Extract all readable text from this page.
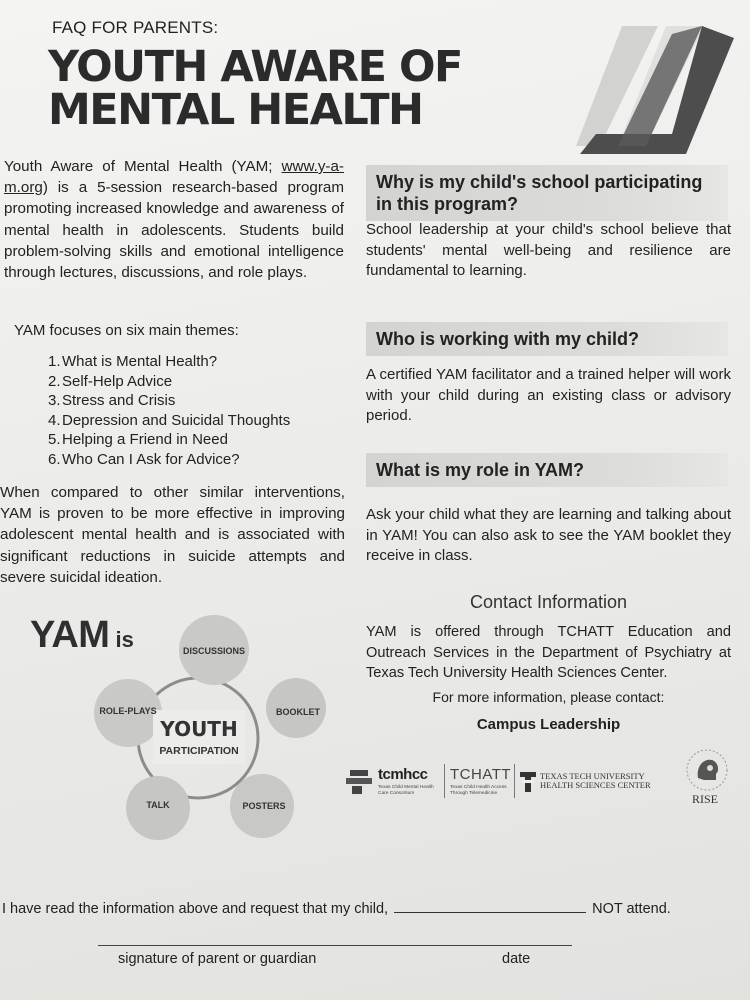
FAQ FOR PARENTS:
YOUTH AWARE OF
MENTAL HEALTH

Youth Aware of Mental Health (YAM; www.y-a-m.org) is a 5-session research-based program promoting increased knowledge and awareness of mental health in adolescents. Students build problem-solving skills and emotional intelligence through lectures, discussions, and role plays.

YAM focuses on six main themes:

1.What is Mental Health?
2.Self-Help Advice
3.Stress and Crisis
4.Depression and Suicidal Thoughts
5.Helping a Friend in Need
6.Who Can I Ask for Advice?

When compared to other similar interventions, YAM is proven to be more effective in improving adolescent mental health and is associated with significant reductions in suicide attempts and severe suicidal ideation.

YAM is
YOUTH
PARTICIPATION
DISCUSSIONS
BOOKLET
POSTERS
TALK
ROLE-PLAYS
Why is my child's school participating in this program?

School leadership at your child's school believe that students' mental well-being and resilience are fundamental to learning.

Who is working with my child?

A certified YAM facilitator and a trained helper will work with your child during an existing class or advisory period.

What is my role in YAM?

Ask your child what they are learning and talking about in YAM! You can also ask to see the YAM booklet they receive in class.

Contact Information

YAM is offered through TCHATT Education and Outreach Services in the Department of Psychiatry at Texas Tech University Health Sciences Center.

For more information, please contact:
Campus Leadership
tcmhcc
Texas Child Mental Health Care Consortium
TCHATT
Texas Child Health Access Through Telemedicine
TEXAS TECH UNIVERSITY
HEALTH SCIENCES CENTER
RISE
I have read the information above and request that my child,	NOT attend.
signature of parent or guardian	date
